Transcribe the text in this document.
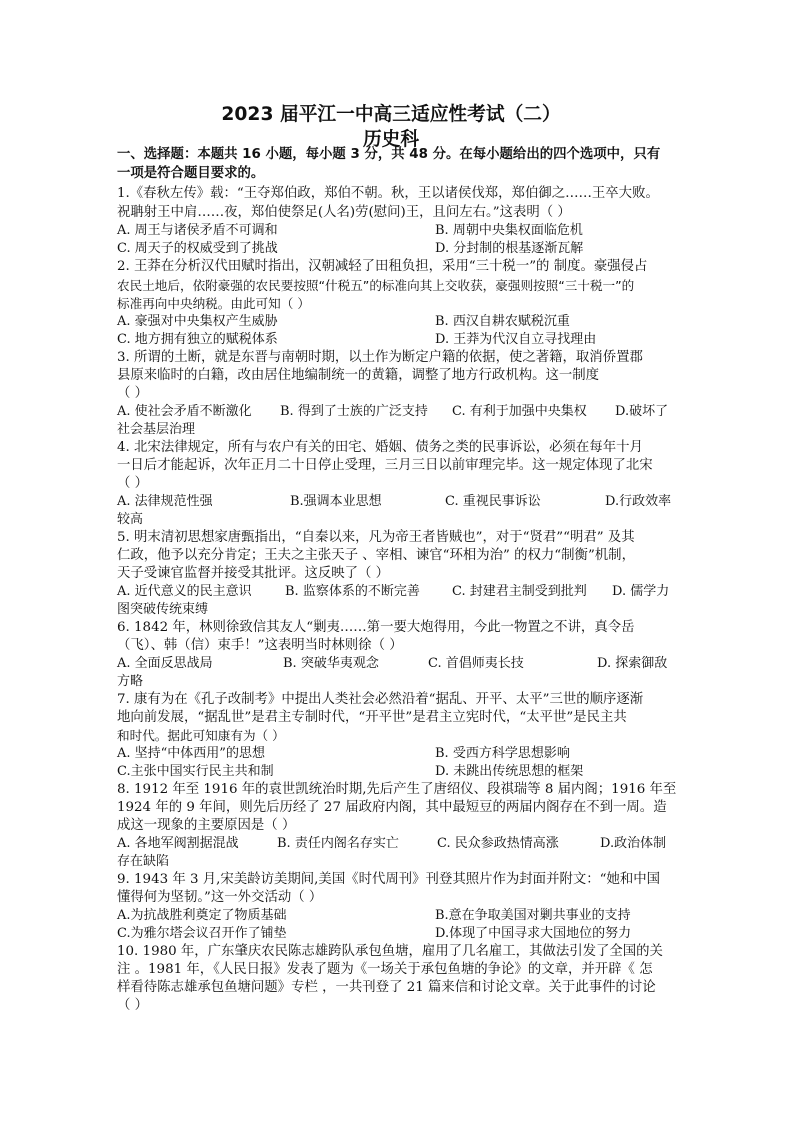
2023 届平江一中高三适应性考试（二）
历史科
一、选择题：本题共 16 小题，每小题 3 分，共 48 分。在每小题给出的四个选项中，只有
一项是符合题目要求的。
1.《春秋左传》载：“王夺郑伯政，郑伯不朝。秋，王以诸侯伐郑，郑伯御之……王卒大败。
祝聃射王中肩……夜，郑伯使祭足(人名)劳(慰问)王，且问左右。”这表明（ ）
A. 周王与诸侯矛盾不可调和	B. 周朝中央集权面临危机
C. 周天子的权威受到了挑战	D. 分封制的根基逐渐瓦解
2. 王莽在分析汉代田赋时指出，汉朝减轻了田租负担，采用“三十税一”的 制度。豪强侵占
农民土地后，依附豪强的农民要按照“什税五”的标准向其上交收获，豪强则按照“三十税一”的
标准再向中央纳税。由此可知（ ）
A. 豪强对中央集权产生威胁	B. 西汉自耕农赋税沉重
C. 地方拥有独立的赋税体系	D. 王莽为代汉自立寻找理由
3. 所谓的土断，就是东晋与南朝时期，以土作为断定户籍的依据，使之著籍，取消侨置郡
县原来临时的白籍，改由居住地编制统一的黄籍，调整了地方行政机构。这一制度
（ ）
A. 使社会矛盾不断激化 B. 得到了士族的广泛支持 C. 有利于加强中央集权 D.破坏了
社会基层治理
4. 北宋法律规定，所有与农户有关的田宅、婚姻、债务之类的民事诉讼，必须在每年十月
一日后才能起诉，次年正月二十日停止受理，三月三日以前审理完毕。这一规定体现了北宋
（ ）
A. 法律规范性强	B.强调本业思想	C. 重视民事诉讼	D.行政效率
较高
5. 明末清初思想家唐甄指出，“自秦以来，凡为帝王者皆贼也”，对于“贤君”“明君” 及其
仁政，他予以充分肯定；王夫之主张天子 、宰相、谏官“环相为治” 的权力“制衡”机制，
天子受谏官监督并接受其批评。这反映了（ ）
A. 近代意义的民主意识	B. 监察体系的不断完善 C. 封建君主制受到批判 D. 儒学力
图突破传统束缚
6. 1842 年，林则徐致信其友人“剿夷……第一要大炮得用，今此一物置之不讲，真令岳
（飞）、韩（信）束手！”这表明当时林则徐（ ）
A. 全面反思战局	B. 突破华夷观念	C. 首倡师夷长技	D. 探索御敌
方略
7. 康有为在《孔子改制考》中提出人类社会必然沿着“据乱、开平、太平”三世的顺序逐渐
地向前发展，“据乱世”是君主专制时代，“开平世”是君主立宪时代，“太平世”是民主共
和时代。据此可知康有为（ ）
A. 坚持“中体西用”的思想	B. 受西方科学思想影响
C.主张中国实行民主共和制	D. 未跳出传统思想的框架
8. 1912 年至 1916 年的袁世凯统治时期,先后产生了唐绍仪、段祺瑞等 8 届内阁；1916 年至
1924 年的 9 年间，则先后历经了 27 届政府内阁，其中最短豆的两届内阁存在不到一周。造
成这一现象的主要原因是（ ）
A. 各地军阀割据混战	B. 责任内阁名存实亡	C. 民众参政热情高涨	D.政治体制
存在缺陷
9. 1943 年 3 月,宋美龄访美期间,美国《时代周刊》刊登其照片作为封面并附文：“她和中国
懂得何为坚韧。”这一外交活动（ ）
A.为抗战胜利奠定了物质基础	B.意在争取美国对剿共事业的支持
C.为雅尔塔会议召开作了铺垫	D.体现了中国寻求大国地位的努力
10. 1980 年，广东肇庆农民陈志雄跨队承包鱼塘，雇用了几名雇工，其做法引发了全国的关
注 。1981 年，《人民日报》发表了题为《一场关于承包鱼塘的争论》的文章，并开辟《 怎
样看待陈志雄承包鱼塘问题》专栏 ，一共刊登了 21 篇来信和讨论文章。关于此事件的讨论
（ ）
